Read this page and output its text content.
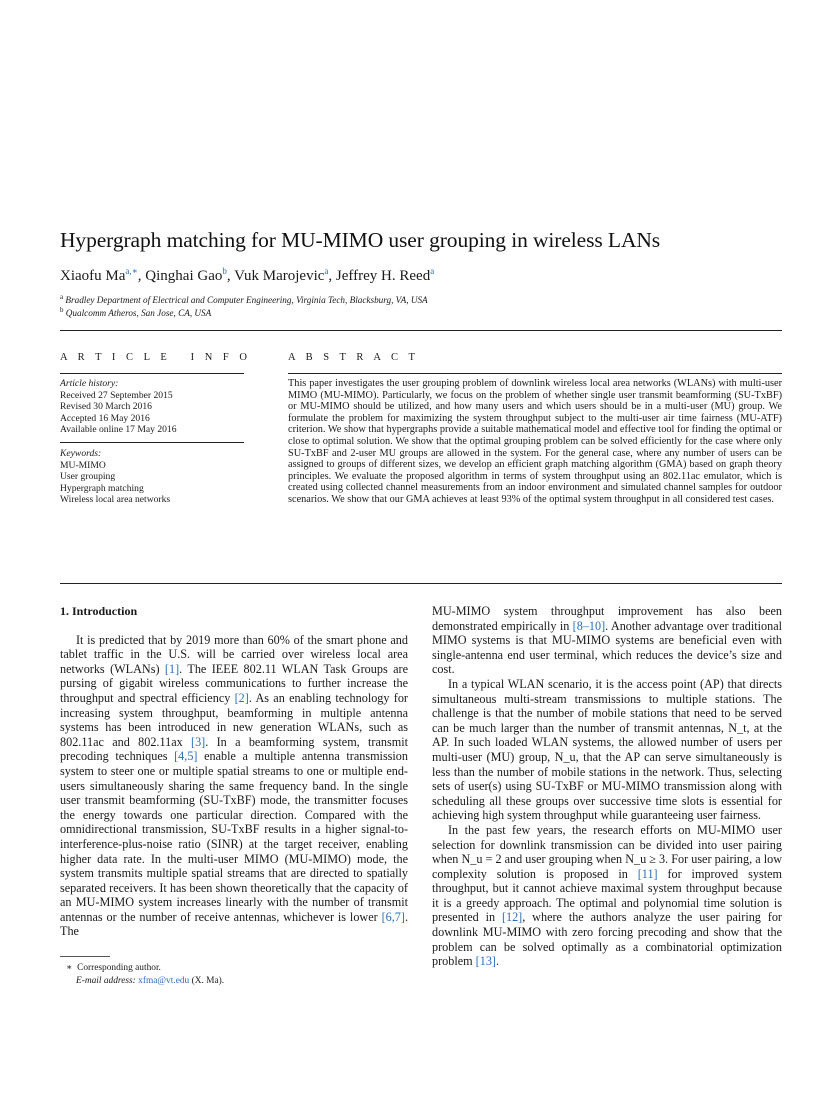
Hypergraph matching for MU-MIMO user grouping in wireless LANs
Xiaofu $Ma^{a,∗}$, Qinghai Gao$^b$, Vuk Marojevic$^a$, Jeffrey H. Reed$^a$
$^a$ Bradley Department of Electrical and Computer Engineering, Virginia Tech, Blacksburg, VA, USA
$^b$ Qualcomm Atheros, San Jose, CA, USA
A R T I C L E   I N F O
Article history:
Received 27 September 2015
Revised 30 March 2016
Accepted 16 May 2016
Available online 17 May 2016
Keywords:
MU-MIMO
User grouping
Hypergraph matching
Wireless local area networks
A B S T R A C T
This paper investigates the user grouping problem of downlink wireless local area networks (WLANs) with multi-user MIMO (MU-MIMO). Particularly, we focus on the problem of whether single user transmit beamforming (SU-TxBF) or MU-MIMO should be utilized, and how many users and which users should be in a multi-user (MU) group. We formulate the problem for maximizing the system throughput subject to the multi-user air time fairness (MU-ATF) criterion. We show that hypergraphs provide a suitable mathematical model and effective tool for finding the optimal or close to optimal solution. We show that the optimal grouping problem can be solved efficiently for the case where only SU-TxBF and 2-user MU groups are allowed in the system. For the general case, where any number of users can be assigned to groups of different sizes, we develop an efficient graph matching algorithm (GMA) based on graph theory principles. We evaluate the proposed algorithm in terms of system throughput using an 802.11ac emulator, which is created using collected channel measurements from an indoor environment and simulated channel samples for outdoor scenarios. We show that our GMA achieves at least 93% of the optimal system throughput in all considered test cases.
1. Introduction

It is predicted that by 2019 more than 60% of the smart phone and tablet traffic in the U.S. will be carried over wireless local area networks (WLANs) [1]. The IEEE 802.11 WLAN Task Groups are pursing of gigabit wireless communications to further increase the throughput and spectral efficiency [2]. As an enabling technology for increasing system throughput, beamforming in multiple antenna systems has been introduced in new generation WLANs, such as 802.11ac and 802.11ax [3]. In a beamforming system, transmit precoding techniques [4,5] enable a multiple antenna transmission system to steer one or multiple spatial streams to one or multiple end-users simultaneously sharing the same frequency band. In the single user transmit beamforming (SU-TxBF) mode, the transmitter focuses the energy towards one particular direction. Compared with the omnidirectional transmission, SU-TxBF results in a higher signal-to-interference-plus-noise ratio (SINR) at the target receiver, enabling higher data rate. In the multi-user MIMO (MU-MIMO) mode, the system transmits multiple spatial streams that are directed to spatially separated receivers. It has been shown theoretically that the capacity of an MU-MIMO system increases linearly with the number of transmit antennas or the number of receive antennas, whichever is lower [6,7]. The

∗ Corresponding author.
E-mail address: xfma@vt.edu (X. Ma).

MU-MIMO system throughput improvement has also been demonstrated empirically in [8–10]. Another advantage over traditional MIMO systems is that MU-MIMO systems are beneficial even with single-antenna end user terminal, which reduces the device’s size and cost.

In a typical WLAN scenario, it is the access point (AP) that directs simultaneous multi-stream transmissions to multiple stations. The challenge is that the number of mobile stations that need to be served can be much larger than the number of transmit antennas, N_t, at the AP. In such loaded WLAN systems, the allowed number of users per multi-user (MU) group, N_u, that the AP can serve simultaneously is less than the number of mobile stations in the network. Thus, selecting sets of user(s) using SU-TxBF or MU-MIMO transmission along with scheduling all these groups over successive time slots is essential for achieving high system throughput while guaranteeing user fairness.

In the past few years, the research efforts on MU-MIMO user selection for downlink transmission can be divided into user pairing when N_u = 2 and user grouping when N_u ≥ 3. For user pairing, a low complexity solution is proposed in [11] for improved system throughput, but it cannot achieve maximal system throughput because it is a greedy approach. The optimal and polynomial time solution is presented in [12], where the authors analyze the user pairing for downlink MU-MIMO with zero forcing precoding and show that the problem can be solved optimally as a combinatorial optimization problem [13].
